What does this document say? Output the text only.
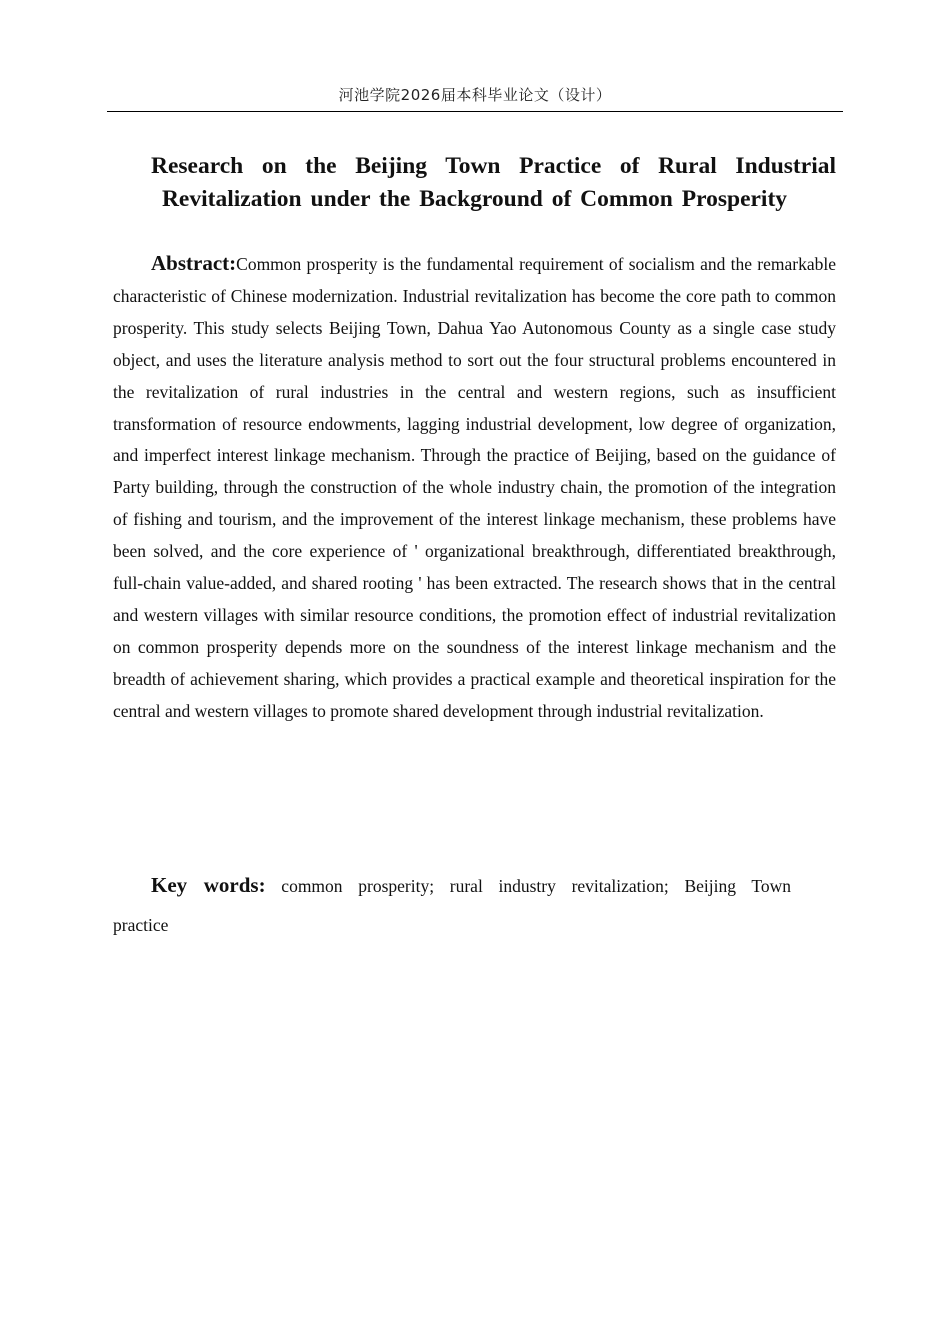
河池学院2026届本科毕业论文（设计）
Research on the Beijing Town Practice of Rural Industrial Revitalization under the Background of Common Prosperity

Abstract:Common prosperity is the fundamental requirement of socialism and the remarkable characteristic of Chinese modernization. Industrial revitalization has become the core path to common prosperity. This study selects Beijing Town, Dahua Yao Autonomous County as a single case study object, and uses the literature analysis method to sort out the four structural problems encountered in the revitalization of rural industries in the central and western regions, such as insufficient transformation of resource endowments, lagging industrial development, low degree of organization, and imperfect interest linkage mechanism. Through the practice of Beijing, based on the guidance of Party building, through the construction of the whole industry chain, the promotion of the integration of fishing and tourism, and the improvement of the interest linkage mechanism, these problems have been solved, and the core experience of ' organizational breakthrough, differentiated breakthrough, full-chain value-added, and shared rooting ' has been extracted. The research shows that in the central and western villages with similar resource conditions, the promotion effect of industrial revitalization on common prosperity depends more on the soundness of the interest linkage mechanism and the breadth of achievement sharing, which provides a practical example and theoretical inspiration for the central and western villages to promote shared development through industrial revitalization.

Key words: common prosperity; rural industry revitalization; Beijing Town practice
